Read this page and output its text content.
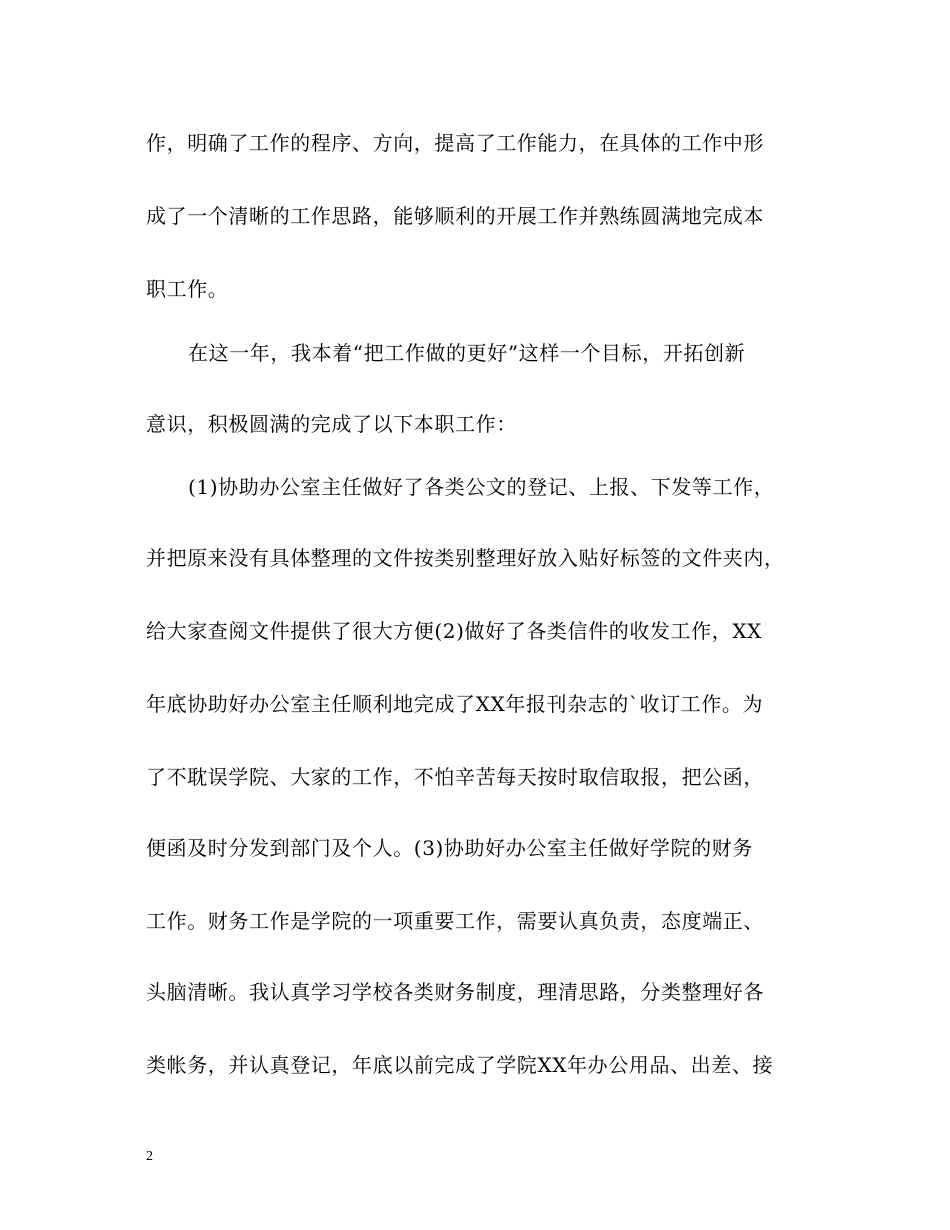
作，明确了工作的程序、方向，提高了工作能力，在具体的工作中形
成了一个清晰的工作思路，能够顺利的开展工作并熟练圆满地完成本
职工作。
在这一年，我本着“把工作做的更好”这样一个目标，开拓创新
意识，积极圆满的完成了以下本职工作：
(1)协助办公室主任做好了各类公文的登记、上报、下发等工作，
并把原来没有具体整理的文件按类别整理好放入贴好标签的文件夹内，
给大家查阅文件提供了很大方便(2)做好了各类信件的收发工作，XX
年底协助好办公室主任顺利地完成了XX年报刊杂志的`收订工作。为
了不耽误学院、大家的工作，不怕辛苦每天按时取信取报，把公函，
便函及时分发到部门及个人。(3)协助好办公室主任做好学院的财务
工作。财务工作是学院的一项重要工作，需要认真负责，态度端正、
头脑清晰。我认真学习学校各类财务制度，理清思路，分类整理好各
类帐务，并认真登记，年底以前完成了学院XX年办公用品、出差、接
2
